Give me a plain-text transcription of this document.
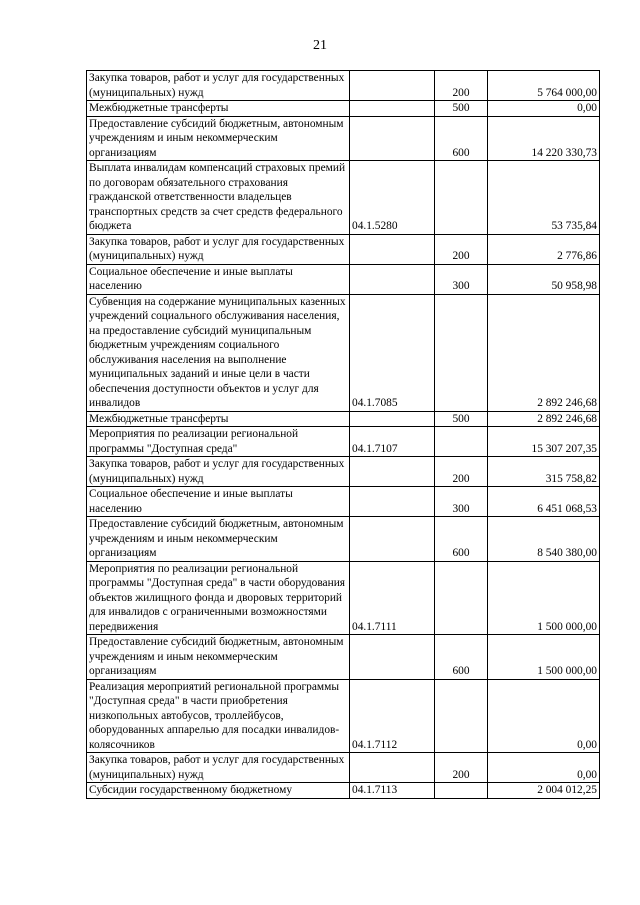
21
Закупка товаров, работ и услуг для государственных (муниципальных) нужд		200	5 764 000,00
Межбюджетные трансферты		500	0,00
Предоставление субсидий бюджетным, автономным учреждениям и иным некоммерческим организациям		600	14 220 330,73
Выплата инвалидам компенсаций страховых премий по договорам обязательного страхования гражданской ответственности владельцев транспортных средств за счет средств федерального бюджета	04.1.5280		53 735,84
Закупка товаров, работ и услуг для государственных (муниципальных) нужд		200	2 776,86
Социальное обеспечение и иные выплаты населению		300	50 958,98
Субвенция на содержание муниципальных казенных учреждений социального обслуживания населения, на предоставление субсидий муниципальным бюджетным учреждениям социального обслуживания населения на выполнение муниципальных заданий и иные цели в части обеспечения доступности объектов и услуг для инвалидов	04.1.7085		2 892 246,68
Межбюджетные трансферты		500	2 892 246,68
Мероприятия по реализации региональной программы "Доступная среда"	04.1.7107		15 307 207,35
Закупка товаров, работ и услуг для государственных (муниципальных) нужд		200	315 758,82
Социальное обеспечение и иные выплаты населению		300	6 451 068,53
Предоставление субсидий бюджетным, автономным учреждениям и иным некоммерческим организациям		600	8 540 380,00
Мероприятия по реализации региональной программы "Доступная среда" в части оборудования объектов жилищного фонда и дворовых территорий для инвалидов с ограниченными возможностями передвижения	04.1.7111		1 500 000,00
Предоставление субсидий бюджетным, автономным учреждениям и иным некоммерческим организациям		600	1 500 000,00
Реализация мероприятий региональной программы "Доступная среда" в части приобретения низкопольных автобусов, троллейбусов, оборудованных аппарелью для посадки инвалидов-колясочников	04.1.7112		0,00
Закупка товаров, работ и услуг для государственных (муниципальных) нужд		200	0,00
Субсидии государственному бюджетному	04.1.7113		2 004 012,25
